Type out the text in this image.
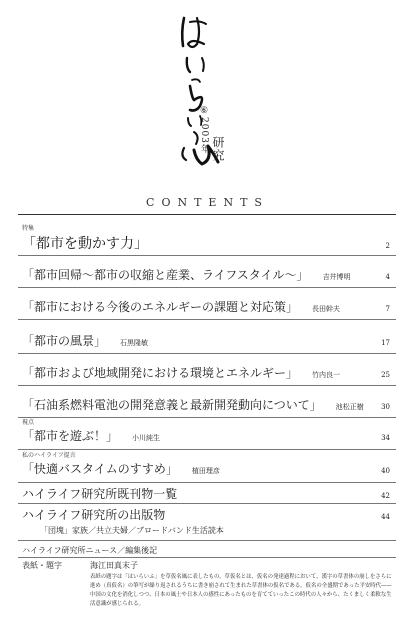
⑥2003年 研究
CONTENTS
特集
「都市を動かす力」	2
「都市回帰〜都市の収縮と産業、ライフスタイル〜」 吉井博明	4
「都市における今後のエネルギーの課題と対応策」 長田幹夫	7
「都市の風景」 石黒隆敏	17
「都市および地域開発における環境とエネルギー」 竹内良一	25
「石油系燃料電池の開発意義と最新開発動向について」 池松正樹 30
視点
「都市を遊ぶ！」 小川純生	34
私のハイライフ提言
「快適バスタイムのすすめ」 植田理彦	40
ハイライフ研究所既刊物一覧	42
ハイライフ研究所の出版物	44
「団塊」家族／共立夫婦／ブロードバンド生活読本
ハイライフ研究所ニュース／編集後記
表紙・題字	海江田真末子
表紙の題字は「はいらいふ」を草仮名風に表したもの。草仮名とは、仮名の発達過程において、漢字の草書体の崩しをさらに進め（真仮名）の筆写が繰り返されるうちに書き崩されて生まれた草書体の仮名である。仮名の全盛期であった平安時代——中国の文化を消化しつつ、日本の風土や日本人の感性にあったものを育てていったこの時代の人々から、たくましく柔軟な生活意識が感じられる。
